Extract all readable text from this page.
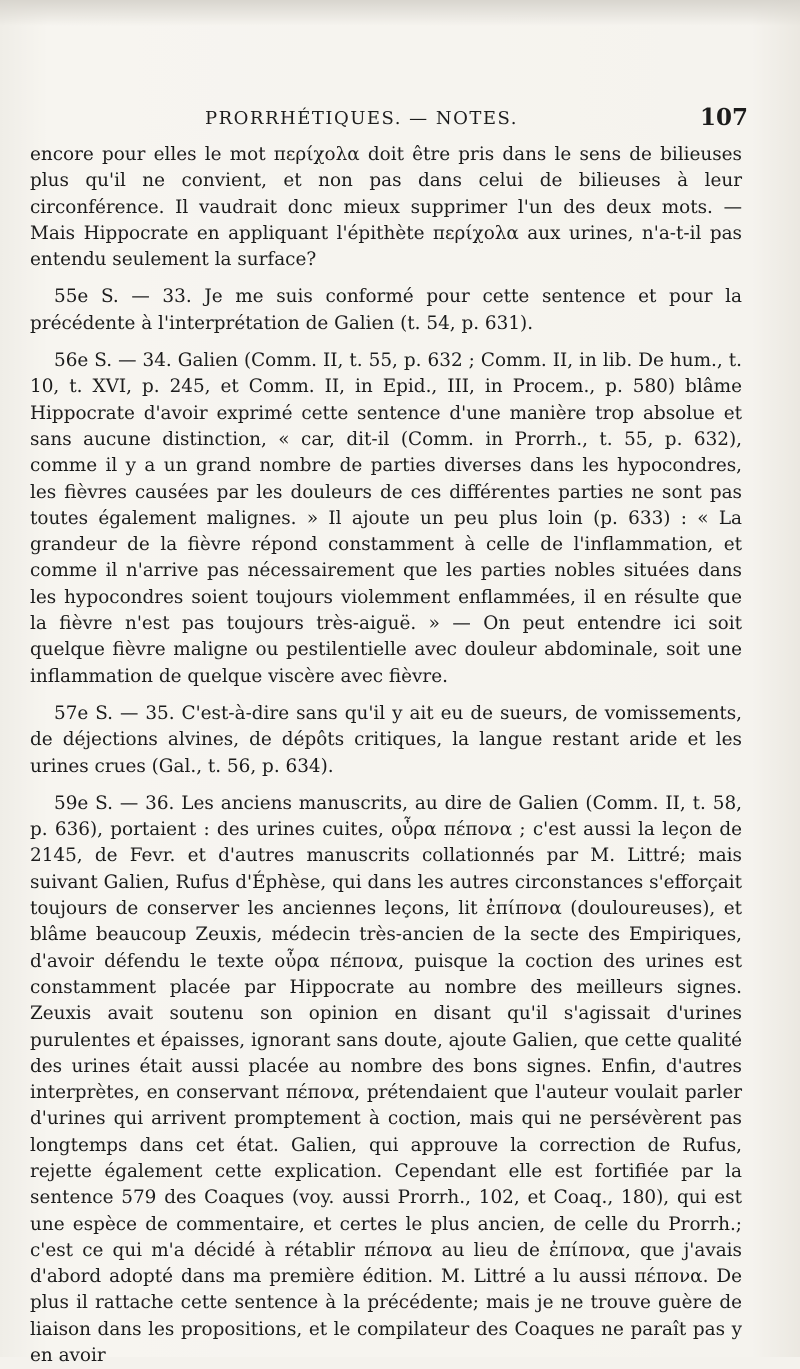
PRORRHÉTIQUES. — NOTES.	107

encore pour elles le mot περίχολα doit être pris dans le sens de bilieuses plus qu'il ne convient, et non pas dans celui de bilieuses à leur circonférence. Il vaudrait donc mieux supprimer l'un des deux mots. — Mais Hippocrate en appliquant l'épithète περίχολα aux urines, n'a-t-il pas entendu seulement la surface?

55e S. — 33. Je me suis conformé pour cette sentence et pour la précédente à l'interprétation de Galien (t. 54, p. 631).

56e S. — 34. Galien (Comm. II, t. 55, p. 632 ; Comm. II, in lib. De hum., t. 10, t. XVI, p. 245, et Comm. II, in Epid., III, in Procem., p. 580) blâme Hippocrate d'avoir exprimé cette sentence d'une manière trop absolue et sans aucune distinction, « car, dit-il (Comm. in Prorrh., t. 55, p. 632), comme il y a un grand nombre de parties diverses dans les hypocondres, les fièvres causées par les douleurs de ces différentes parties ne sont pas toutes également malignes. » Il ajoute un peu plus loin (p. 633) : « La grandeur de la fièvre répond constamment à celle de l'inflammation, et comme il n'arrive pas nécessairement que les parties nobles situées dans les hypocondres soient toujours violemment enflammées, il en résulte que la fièvre n'est pas toujours très-aiguë. » — On peut entendre ici soit quelque fièvre maligne ou pestilentielle avec douleur abdominale, soit une inflammation de quelque viscère avec fièvre.

57e S. — 35. C'est-à-dire sans qu'il y ait eu de sueurs, de vomissements, de déjections alvines, de dépôts critiques, la langue restant aride et les urines crues (Gal., t. 56, p. 634).

59e S. — 36. Les anciens manuscrits, au dire de Galien (Comm. II, t. 58, p. 636), portaient : des urines cuites, οὖρα πέπονα ; c'est aussi la leçon de 2145, de Fevr. et d'autres manuscrits collationnés par M. Littré; mais suivant Galien, Rufus d'Éphèse, qui dans les autres circonstances s'efforçait toujours de conserver les anciennes leçons, lit ἐπίπονα (douloureuses), et blâme beaucoup Zeuxis, médecin très-ancien de la secte des Empiriques, d'avoir défendu le texte οὖρα πέπονα, puisque la coction des urines est constamment placée par Hippocrate au nombre des meilleurs signes. Zeuxis avait soutenu son opinion en disant qu'il s'agissait d'urines purulentes et épaisses, ignorant sans doute, ajoute Galien, que cette qualité des urines était aussi placée au nombre des bons signes. Enfin, d'autres interprètes, en conservant πέπονα, prétendaient que l'auteur voulait parler d'urines qui arrivent promptement à coction, mais qui ne persévèrent pas longtemps dans cet état. Galien, qui approuve la correction de Rufus, rejette également cette explication. Cependant elle est fortifiée par la sentence 579 des Coaques (voy. aussi Prorrh., 102, et Coaq., 180), qui est une espèce de commentaire, et certes le plus ancien, de celle du Prorrh.; c'est ce qui m'a décidé à rétablir πέπονα au lieu de ἐπίπονα, que j'avais d'abord adopté dans ma première édition. M. Littré a lu aussi πέπονα. De plus il rattache cette sentence à la précédente; mais je ne trouve guère de liaison dans les propositions, et le compilateur des Coaques ne paraît pas y en avoir
